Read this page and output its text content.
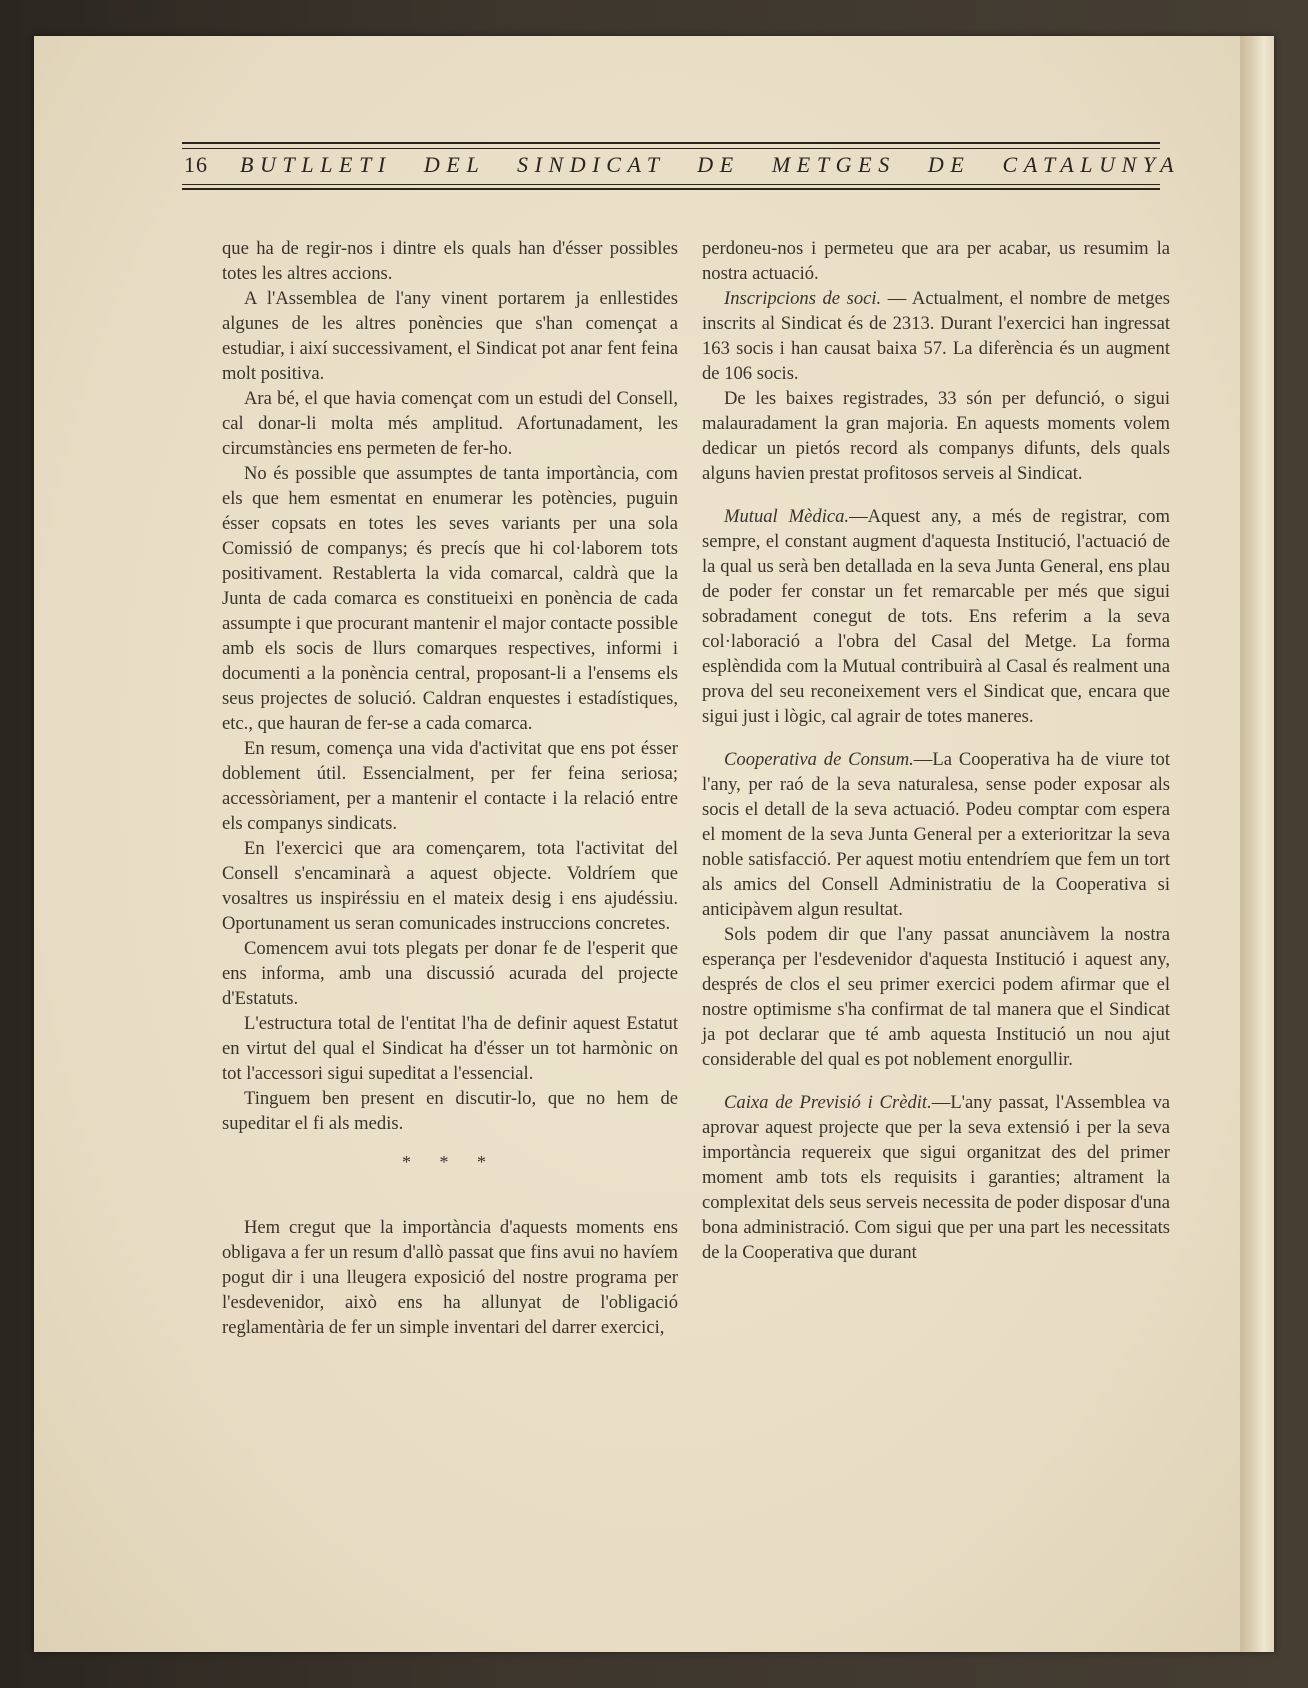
16 BUTLLETI DEL SINDICAT DE METGES DE CATALUNYA

que ha de regir-nos i dintre els quals han d'ésser possibles totes les altres accions.

A l'Assemblea de l'any vinent portarem ja enllestides algunes de les altres ponències que s'han començat a estudiar, i així successivament, el Sindicat pot anar fent feina molt positiva.

Ara bé, el que havia començat com un estudi del Consell, cal donar-li molta més amplitud. Afortunadament, les circumstàncies ens permeten de fer-ho.

No és possible que assumptes de tanta importància, com els que hem esmentat en enumerar les potències, puguin ésser copsats en totes les seves variants per una sola Comissió de companys; és precís que hi col·laborem tots positivament. Restablerta la vida comarcal, caldrà que la Junta de cada comarca es constitueixi en ponència de cada assumpte i que procurant mantenir el major contacte possible amb els socis de llurs comarques respectives, informi i documenti a la ponència central, proposant-li a l'ensems els seus projectes de solució. Caldran enquestes i estadístiques, etc., que hauran de fer-se a cada comarca.

En resum, comença una vida d'activitat que ens pot ésser doblement útil. Essencialment, per fer feina seriosa; accessòriament, per a mantenir el contacte i la relació entre els companys sindicats.

En l'exercici que ara començarem, tota l'activitat del Consell s'encaminarà a aquest objecte. Voldríem que vosaltres us inspiréssiu en el mateix desig i ens ajudéssiu. Oportunament us seran comunicades instruccions concretes.

Comencem avui tots plegats per donar fe de l'esperit que ens informa, amb una discussió acurada del projecte d'Estatuts.

L'estructura total de l'entitat l'ha de definir aquest Estatut en virtut del qual el Sindicat ha d'ésser un tot harmònic on tot l'accessori sigui supeditat a l'essencial.

Tinguem ben present en discutir-lo, que no hem de supeditar el fi als medis.

* * *

Hem cregut que la importància d'aquests moments ens obligava a fer un resum d'allò passat que fins avui no havíem pogut dir i una lleugera exposició del nostre programa per l'esdevenidor, això ens ha allunyat de l'obligació reglamentària de fer un simple inventari del darrer exercici,

perdoneu-nos i permeteu que ara per acabar, us resumim la nostra actuació.

Inscripcions de soci. — Actualment, el nombre de metges inscrits al Sindicat és de 2313. Durant l'exercici han ingressat 163 socis i han causat baixa 57. La diferència és un augment de 106 socis.

De les baixes registrades, 33 són per defunció, o sigui malauradament la gran majoria. En aquests moments volem dedicar un pietós record als companys difunts, dels quals alguns havien prestat profitosos serveis al Sindicat.

Mutual Mèdica.—Aquest any, a més de registrar, com sempre, el constant augment d'aquesta Institució, l'actuació de la qual us serà ben detallada en la seva Junta General, ens plau de poder fer constar un fet remarcable per més que sigui sobradament conegut de tots. Ens referim a la seva col·laboració a l'obra del Casal del Metge. La forma esplèndida com la Mutual contribuirà al Casal és realment una prova del seu reconeixement vers el Sindicat que, encara que sigui just i lògic, cal agrair de totes maneres.

Cooperativa de Consum.—La Cooperativa ha de viure tot l'any, per raó de la seva naturalesa, sense poder exposar als socis el detall de la seva actuació. Podeu comptar com espera el moment de la seva Junta General per a exterioritzar la seva noble satisfacció. Per aquest motiu entendríem que fem un tort als amics del Consell Administratiu de la Cooperativa si anticipàvem algun resultat.

Sols podem dir que l'any passat anunciàvem la nostra esperança per l'esdevenidor d'aquesta Institució i aquest any, després de clos el seu primer exercici podem afirmar que el nostre optimisme s'ha confirmat de tal manera que el Sindicat ja pot declarar que té amb aquesta Institució un nou ajut considerable del qual es pot noblement enorgullir.

Caixa de Previsió i Crèdit.—L'any passat, l'Assemblea va aprovar aquest projecte que per la seva extensió i per la seva importància requereix que sigui organitzat des del primer moment amb tots els requisits i garanties; altrament la complexitat dels seus serveis necessita de poder disposar d'una bona administració. Com sigui que per una part les necessitats de la Cooperativa que durant
